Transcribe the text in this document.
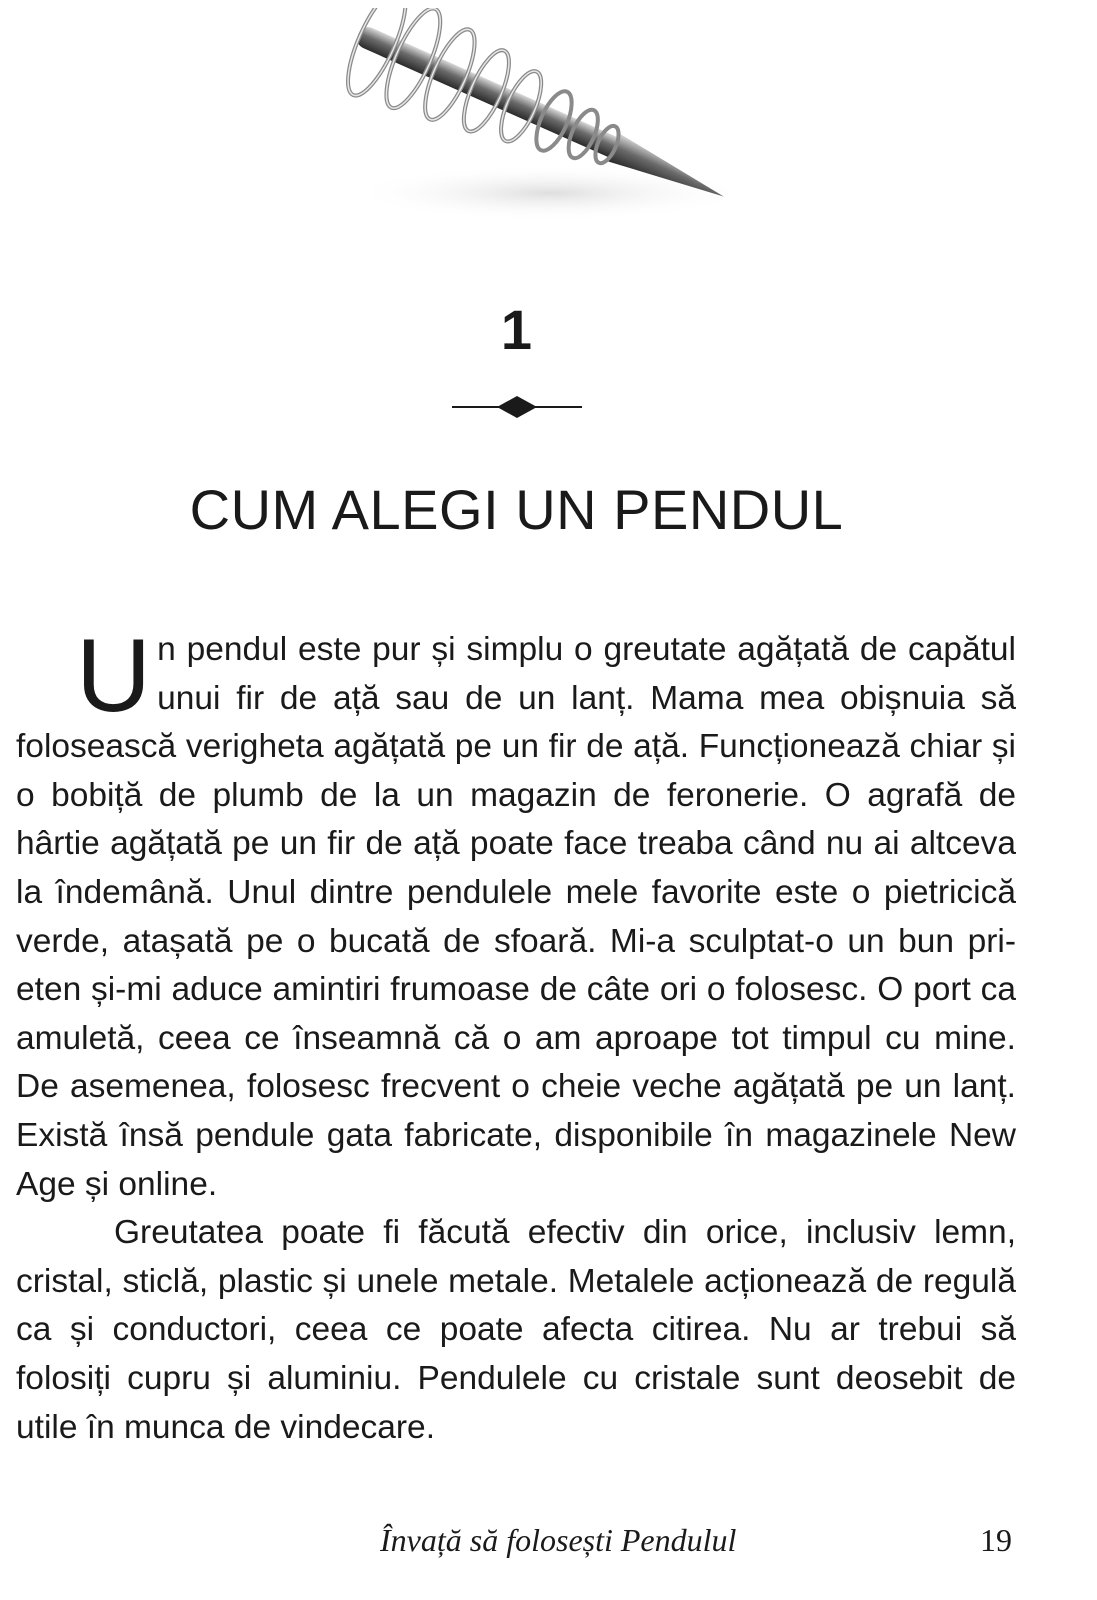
1
CUM ALEGI UN PENDUL

Un pendul este pur și simplu o greutate agățată de capătul unui fir de ață sau de un lanț. Mama mea obișnuia să folosească verigheta agățată pe un fir de ață. Funcționează chiar și o bobiță de plumb de la un magazin de feronerie. O agrafă de hârtie agățată pe un fir de ață poate face treaba când nu ai altceva la îndemână. Unul dintre pendulele mele favorite este o pietricică verde, atașată pe o bucată de sfoară. Mi-a sculptat-o un bun prieten și-mi aduce amintiri frumoase de câte ori o folosesc. O port ca amuletă, ceea ce înseamnă că o am aproape tot timpul cu mine. De asemenea, folosesc frecvent o cheie veche agățată pe un lanț. Există însă pendule gata fabricate, disponibile în magazinele New Age și online.

Greutatea poate fi făcută efectiv din orice, inclusiv lemn, cristal, sticlă, plastic și unele metale. Metalele acționează de regulă ca și conductori, ceea ce poate afecta citirea. Nu ar trebui să folosiți cupru și aluminiu. Pendulele cu cristale sunt deosebit de utile în munca de vindecare.

Învață să folosești Pendulul	19
